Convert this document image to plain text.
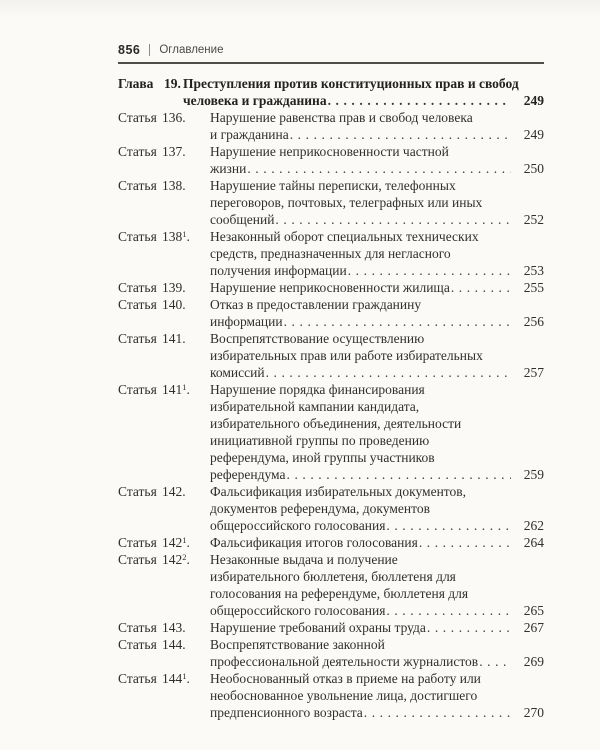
856 Оглавление
Глава 19. Преступления против конституционных прав и свобод
человека и гражданина . . .	249
Статья 136. Нарушение равенства прав и свобод человека
и гражданина . . .	249
Статья 137. Нарушение неприкосновенности частной
жизни . . .	250
Статья 138. Нарушение тайны переписки, телефонных
переговоров, почтовых, телеграфных или иных
сообщений . . .	252
Статья $138^1$. Незаконный оборот специальных технических
средств, предназначенных для негласного
получения информации . . .	253
Статья 139. Нарушение неприкосновенности жилища . . .	255
Статья 140. Отказ в предоставлении гражданину
информации . . .	256
Статья 141. Воспрепятствование осуществлению
избирательных прав или работе избирательных
комиссий . . .	257
Статья $141^1$. Нарушение порядка финансирования
избирательной кампании кандидата,
избирательного объединения, деятельности
инициативной группы по проведению
референдума, иной группы участников
референдума . . .	259
Статья 142. Фальсификация избирательных документов,
документов референдума, документов
общероссийского голосования . . .	262
Статья $142^1$. Фальсификация итогов голосования . . .	264
Статья $142^2$. Незаконные выдача и получение
избирательного бюллетеня, бюллетеня для
голосования на референдуме, бюллетеня для
общероссийского голосования . . .	265
Статья 143. Нарушение требований охраны труда . . .	267
Статья 144. Воспрепятствование законной
профессиональной деятельности журналистов . . .	269
Статья $144^1$. Необоснованный отказ в приеме на работу или
необоснованное увольнение лица, достигшего
предпенсионного возраста . . .	270
